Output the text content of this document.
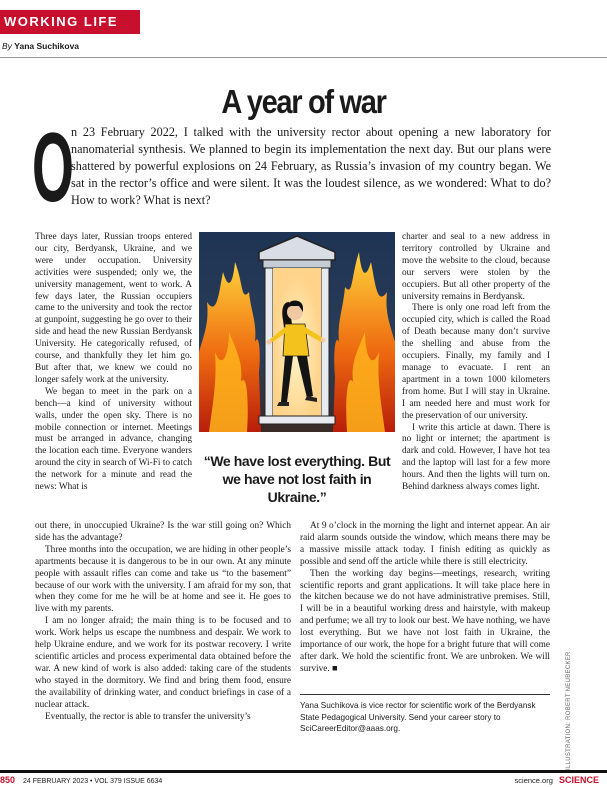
WORKING LIFE
By Yana Suchikova
A year of war
O

n 23 February 2022, I talked with the university rector about opening a new laboratory for nanomaterial synthesis. We planned to begin its implementation the next day. But our plans were shattered by powerful explosions on 24 February, as Russia’s invasion of my country began. We sat in the rector’s office and were silent. It was the loudest silence, as we wondered: What to do? How to work? What is next?

Three days later, Russian troops entered our city, Berdyansk, Ukraine, and we were under occupation. University activities were suspended; only we, the university management, went to work. A few days later, the Russian occupiers came to the university and took the rector at gunpoint, suggesting he go over to their side and head the new Russian Berdyansk University. He categorically refused, of course, and thankfully they let him go. But after that, we knew we could no longer safely work at the university.

We began to meet in the park on a bench—a kind of university without walls, under the open sky. There is no mobile connection or internet. Meetings must be arranged in advance, changing the location each time. Everyone wanders around the city in search of Wi-Fi to catch the network for a minute and read the news: What is

“We have lost everything. But we have not lost faith in Ukraine.”

charter and seal to a new address in territory controlled by Ukraine and move the website to the cloud, because our servers were stolen by the occupiers. But all other property of the university remains in Berdyansk.

There is only one road left from the occupied city, which is called the Road of Death because many don’t survive the shelling and abuse from the occupiers. Finally, my family and I manage to evacuate. I rent an apartment in a town 1000 kilometers from home. But I will stay in Ukraine. I am needed here and must work for the preservation of our university.

I write this article at dawn. There is no light or internet; the apartment is dark and cold. However, I have hot tea and the laptop will last for a few more hours. And then the lights will turn on. Behind darkness always comes light.

out there, in unoccupied Ukraine? Is the war still going on? Which side has the advantage?

Three months into the occupation, we are hiding in other people’s apartments because it is dangerous to be in our own. At any minute people with assault rifles can come and take us “to the basement” because of our work with the university. I am afraid for my son, that when they come for me he will be at home and see it. He goes to live with my parents.

I am no longer afraid; the main thing is to be focused and to work. Work helps us escape the numbness and despair. We work to help Ukraine endure, and we work for its postwar recovery. I write scientific articles and process experimental data obtained before the war. A new kind of work is also added: taking care of the students who stayed in the dormitory. We find and bring them food, ensure the availability of drinking water, and conduct briefings in case of a nuclear attack.

Eventually, the rector is able to transfer the university’s

At 9 o’clock in the morning the light and internet appear. An air raid alarm sounds outside the window, which means there may be a massive missile attack today. I finish editing as quickly as possible and send off the article while there is still electricity.

Then the working day begins—meetings, research, writing scientific reports and grant applications. It will take place here in the kitchen because we do not have administrative premises. Still, I will be in a beautiful working dress and hairstyle, with makeup and perfume; we all try to look our best. We have nothing, we have lost everything. But we have not lost faith in Ukraine, the importance of our work, the hope for a bright future that will come after dark. We hold the scientific front. We are unbroken. We will survive. ■

Yana Suchikova is vice rector for scientific work of the Berdyansk State Pedagogical University. Send your career story to SciCareerEditor@aaas.org.	ILLUSTRATION: ROBERT NEUBECKER
850 24 FEBRUARY 2023 • VOL 379 ISSUE 6634	science.org SCIENCE
